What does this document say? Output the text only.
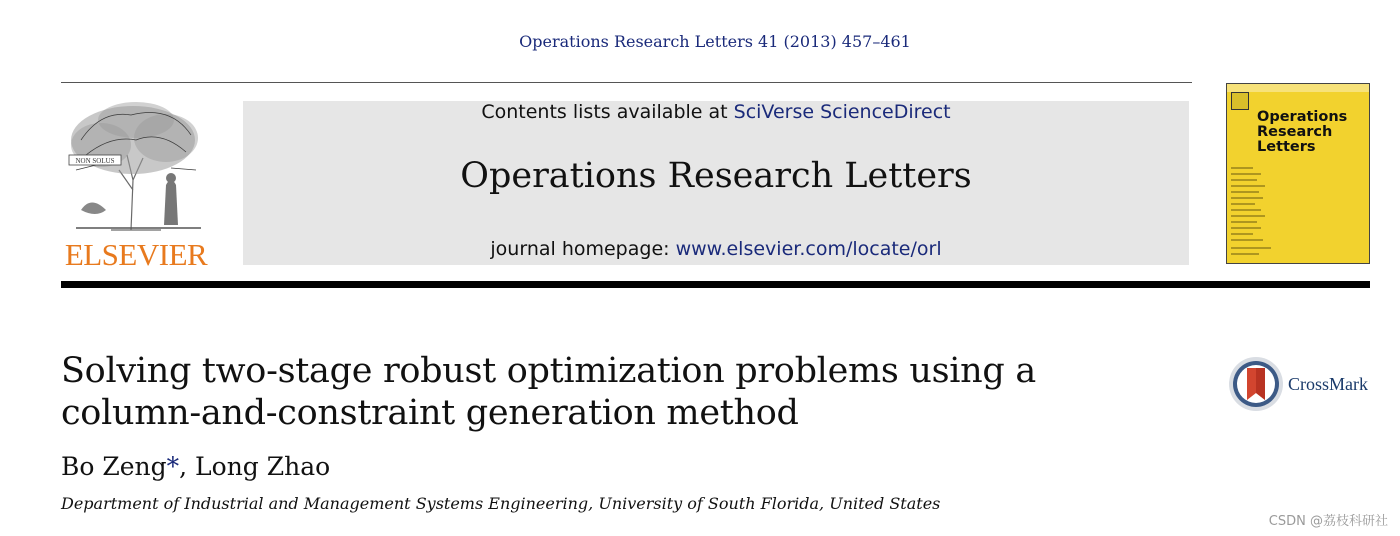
Operations Research Letters 41 (2013) 457–461
NON SOLUS
ELSEVIER
Contents lists available at SciVerse ScienceDirect
Operations Research Letters
journal homepage: www.elsevier.com/locate/orl
Operations
Research
Letters
Solving two-stage robust optimization problems using a
column-and-constraint generation method
Bo Zeng*, Long Zhao
Department of Industrial and Management Systems Engineering, University of South Florida, United States
CrossMark
CSDN @荔枝科研社
